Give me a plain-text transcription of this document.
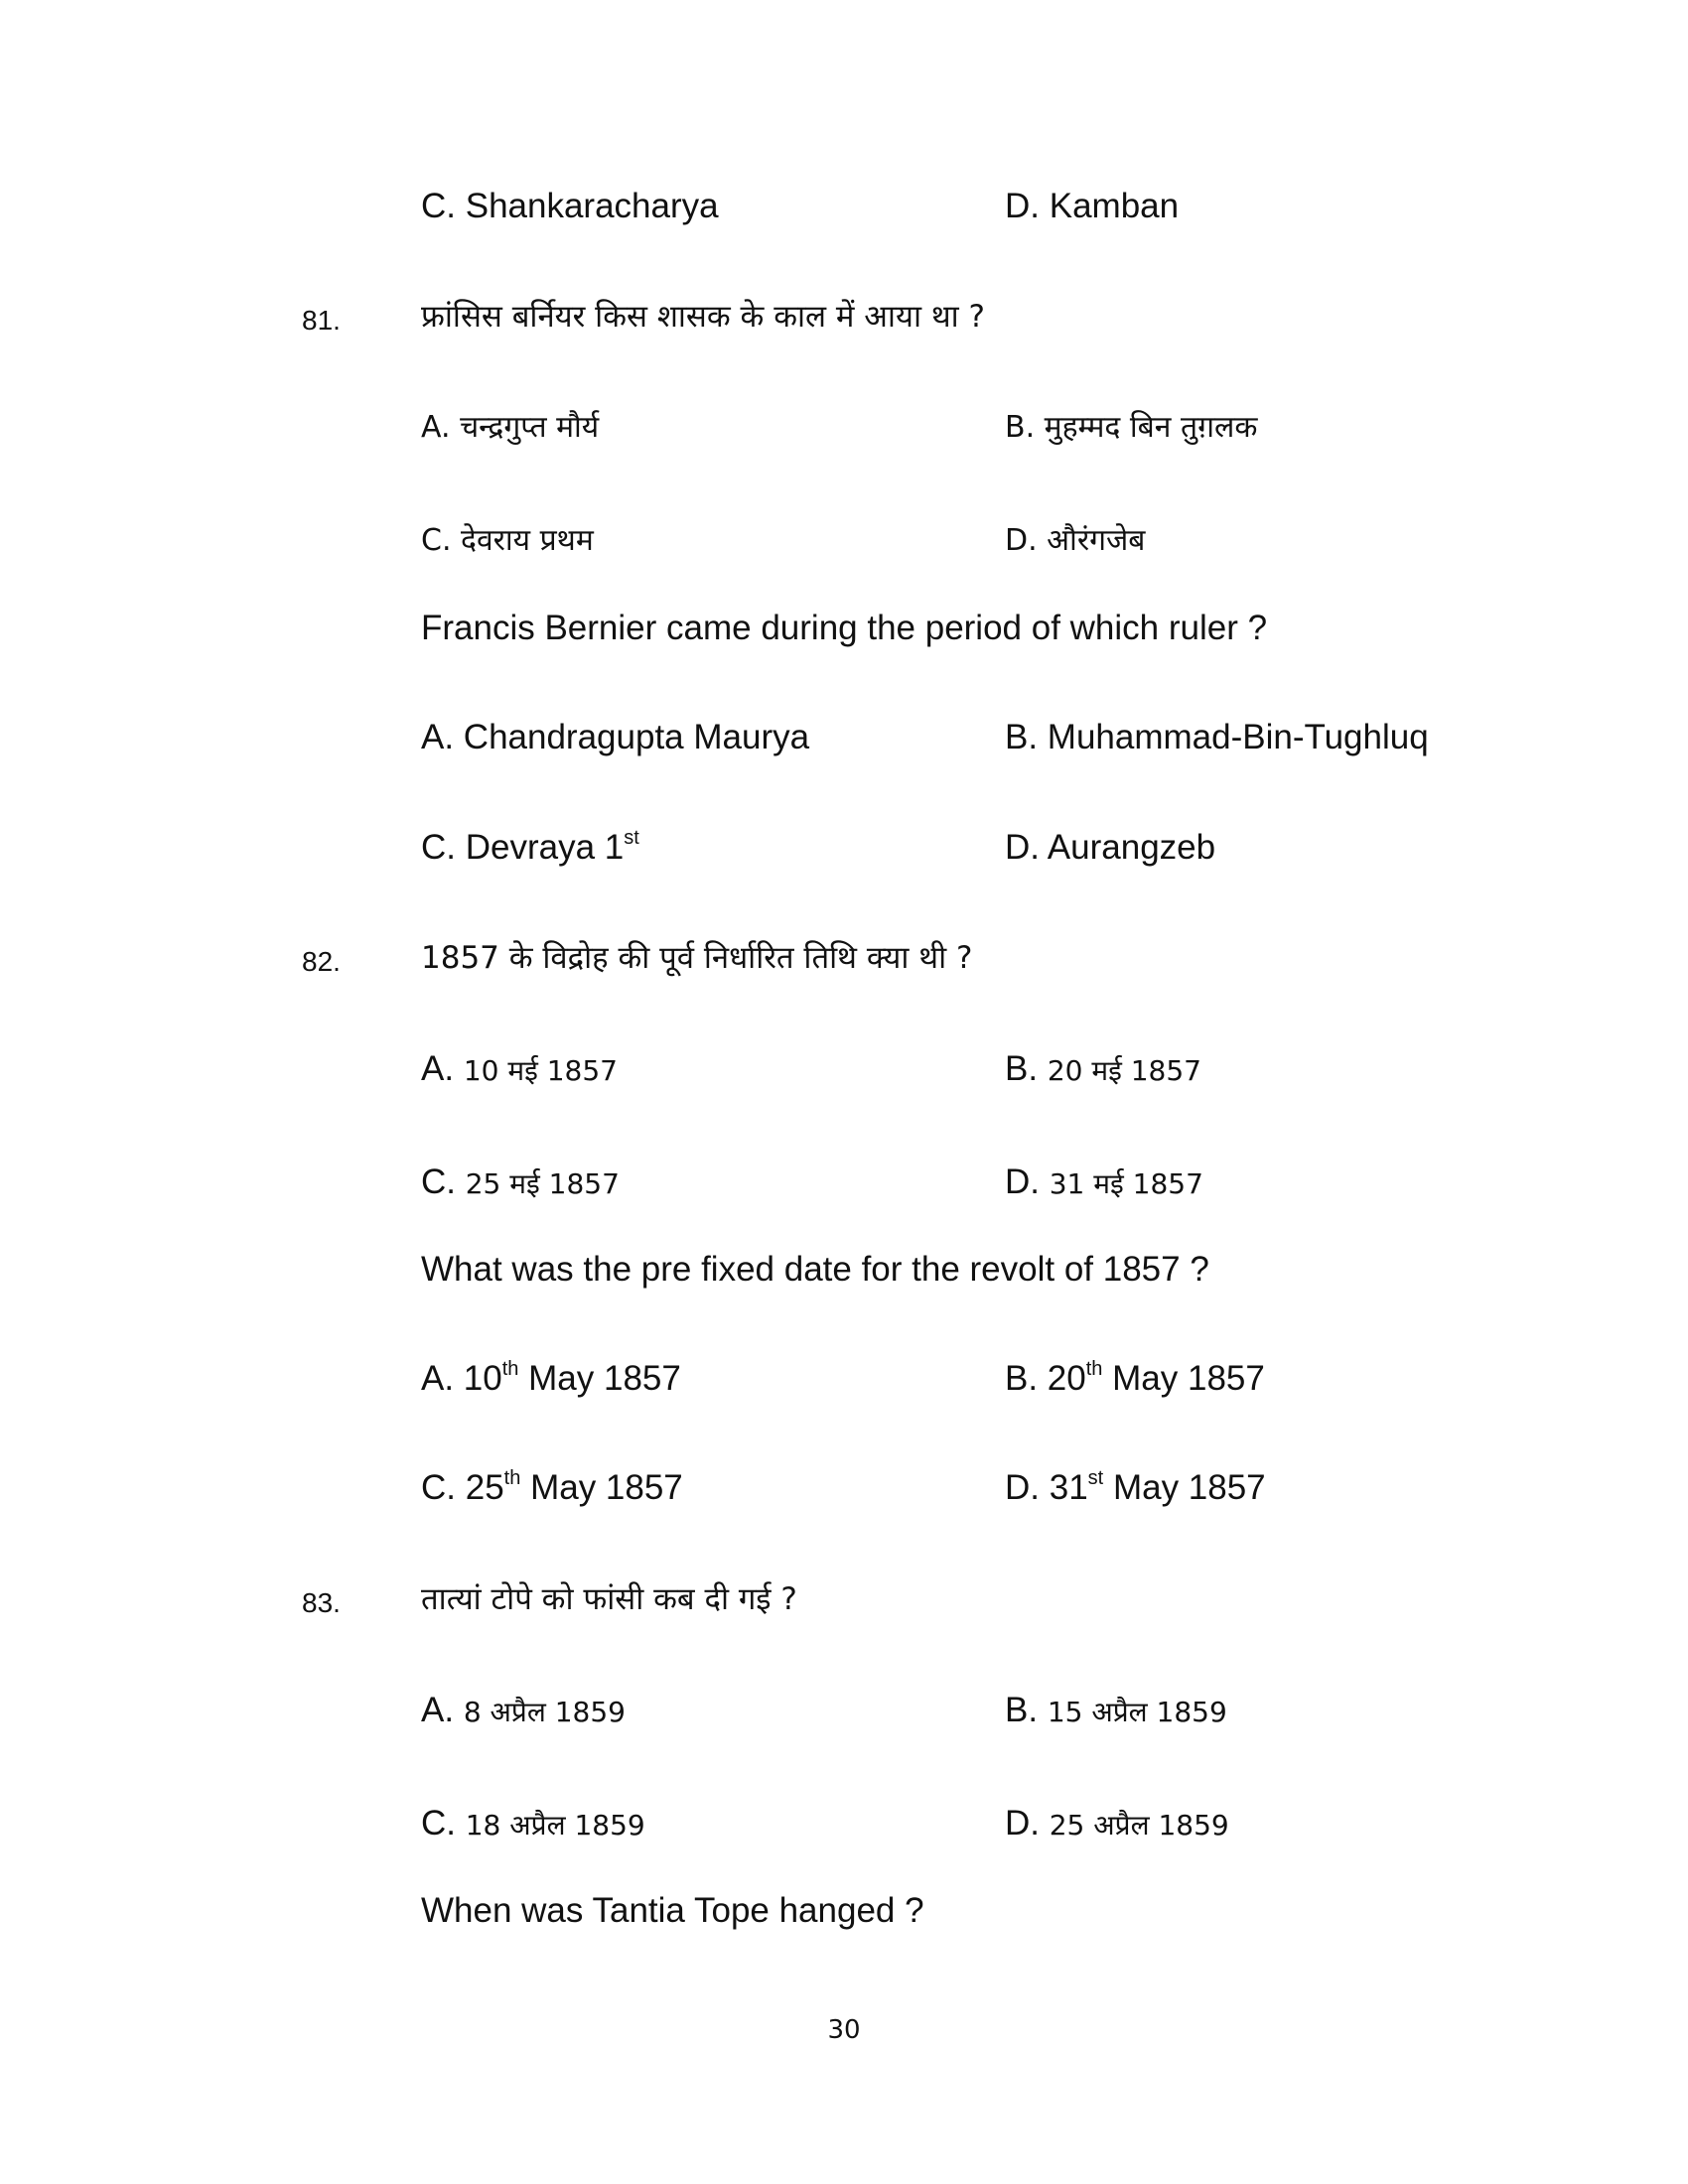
C. Shankaracharya	D. Kamban
81.	फ्रांसिस बर्नियर किस शासक के काल में आया था ?
A. चन्द्रगुप्त मौर्य	B. मुहम्मद बिन तुग़लक
C. देवराय प्रथम	D. औरंगजेब
Francis Bernier came during the period of which ruler ?
A. Chandragupta Maurya	B. Muhammad-Bin-Tughluq
C. Devraya 1st	D. Aurangzeb
82.	1857 के विद्रोह की पूर्व निर्धारित तिथि क्या थी ?
A. 10 मई 1857	B. 20 मई 1857
C. 25 मई 1857	D. 31 मई 1857
What was the pre fixed date for the revolt of 1857 ?
A. 10th May 1857	B. 20th May 1857
C. 25th May 1857	D. 31st May 1857
83.	तात्यां टोपे को फांसी कब दी गई ?
A. 8 अप्रैल 1859	B. 15 अप्रैल 1859
C. 18 अप्रैल 1859	D. 25 अप्रैल 1859
When was Tantia Tope hanged ?
30
